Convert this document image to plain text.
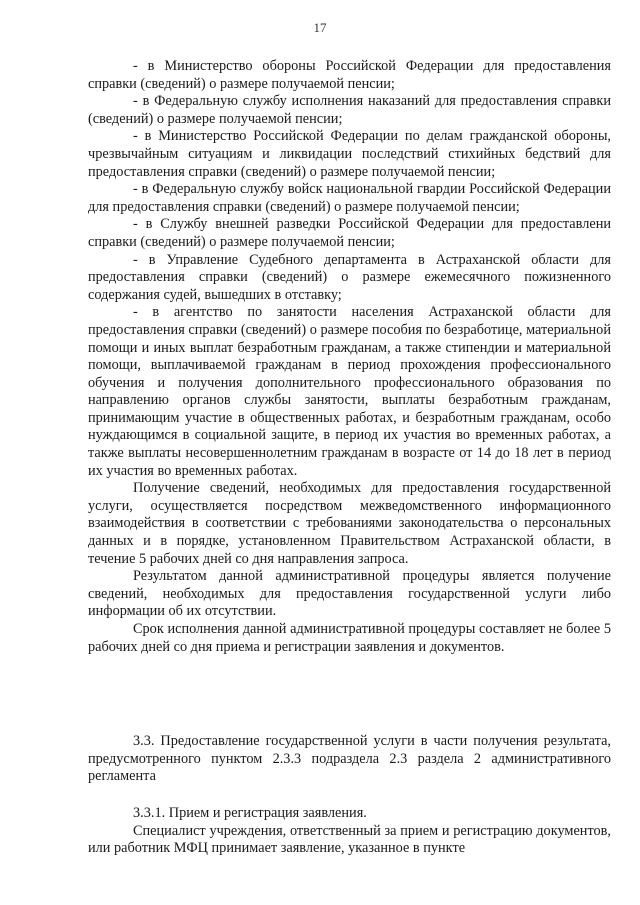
17

- в Министерство обороны Российской Федерации для предоставления справки (сведений) о размере получаемой пенсии;

- в Федеральную службу исполнения наказаний для предоставления справки (сведений) о размере получаемой пенсии;

- в Министерство Российской Федерации по делам гражданской обороны, чрезвычайным ситуациям и ликвидации последствий стихийных бедствий для предоставления справки (сведений) о размере получаемой пенсии;

- в Федеральную службу войск национальной гвардии Российской Федерации для предоставления справки (сведений) о размере получаемой пенсии;

- в Службу внешней разведки Российской Федерации для предоставлени справки (сведений) о размере получаемой пенсии;

- в Управление Судебного департамента в Астраханской области для предоставления справки (сведений) о размере ежемесячного пожизненного содержания судей, вышедших в отставку;

- в агентство по занятости населения Астраханской области для предоставления справки (сведений) о размере пособия по безработице, материальной помощи и иных выплат безработным гражданам, а также стипендии и материальной помощи, выплачиваемой гражданам в период прохождения профессионального обучения и получения дополнительного профессионального образования по направлению органов службы занятости, выплаты безработным гражданам, принимающим участие в общественных работах, и безработным гражданам, особо нуждающимся в социальной защите, в период их участия во временных работах, а также выплаты несовершеннолетним гражданам в возрасте от 14 до 18 лет в период их участия во временных работах.

Получение сведений, необходимых для предоставления государственной услуги, осуществляется посредством межведомственного информационного взаимодействия в соответствии с требованиями законодательства о персональных данных и в порядке, установленном Правительством Астраханской области, в течение 5 рабочих дней со дня направления запроса.

Результатом данной административной процедуры является получение сведений, необходимых для предоставления государственной услуги либо информации об их отсутствии.

Срок исполнения данной административной процедуры составляет не более 5 рабочих дней со дня приема и регистрации заявления и документов.

3.3. Предоставление государственной услуги в части получения результата, предусмотренного пунктом 2.3.3 подраздела 2.3 раздела 2 административного регламента

3.3.1. Прием и регистрация заявления.

Специалист учреждения, ответственный за прием и регистрацию документов, или работник МФЦ принимает заявление, указанное в пункте
